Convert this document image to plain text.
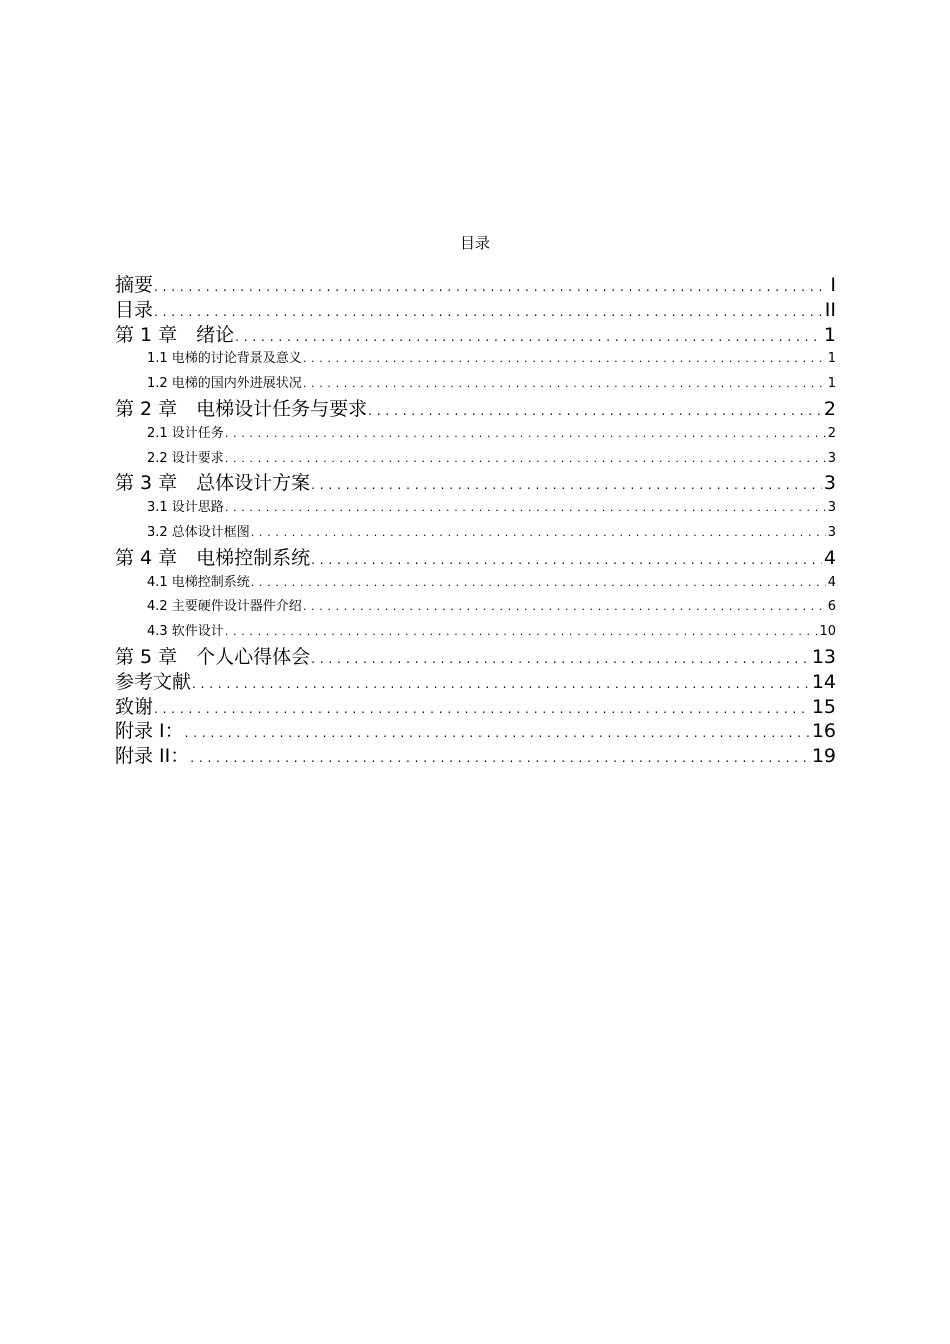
目录
摘要 . . .	I
目录 . . .	II
第 1 章　绪论 . . .	1
1.1 电梯的讨论背景及意义 . . .	1
1.2 电梯的国内外进展状况 . . .	1
第 2 章　电梯设计任务与要求 . . .	2
2.1 设计任务 . . .	2
2.2 设计要求 . . .	3
第 3 章　总体设计方案 . . .	3
3.1 设计思路 . . .	3
3.2 总体设计框图 . . .	3
第 4 章　电梯控制系统 . . .	4
4.1 电梯控制系统 . . .	4
4.2 主要硬件设计器件介绍 . . .	6
4.3 软件设计 . . .	10
第 5 章　个人心得体会 . . .	13
参考文献 . . .	14
致谢 . . .	15
附录 I： . . .	16
附录 II： . . .	19
